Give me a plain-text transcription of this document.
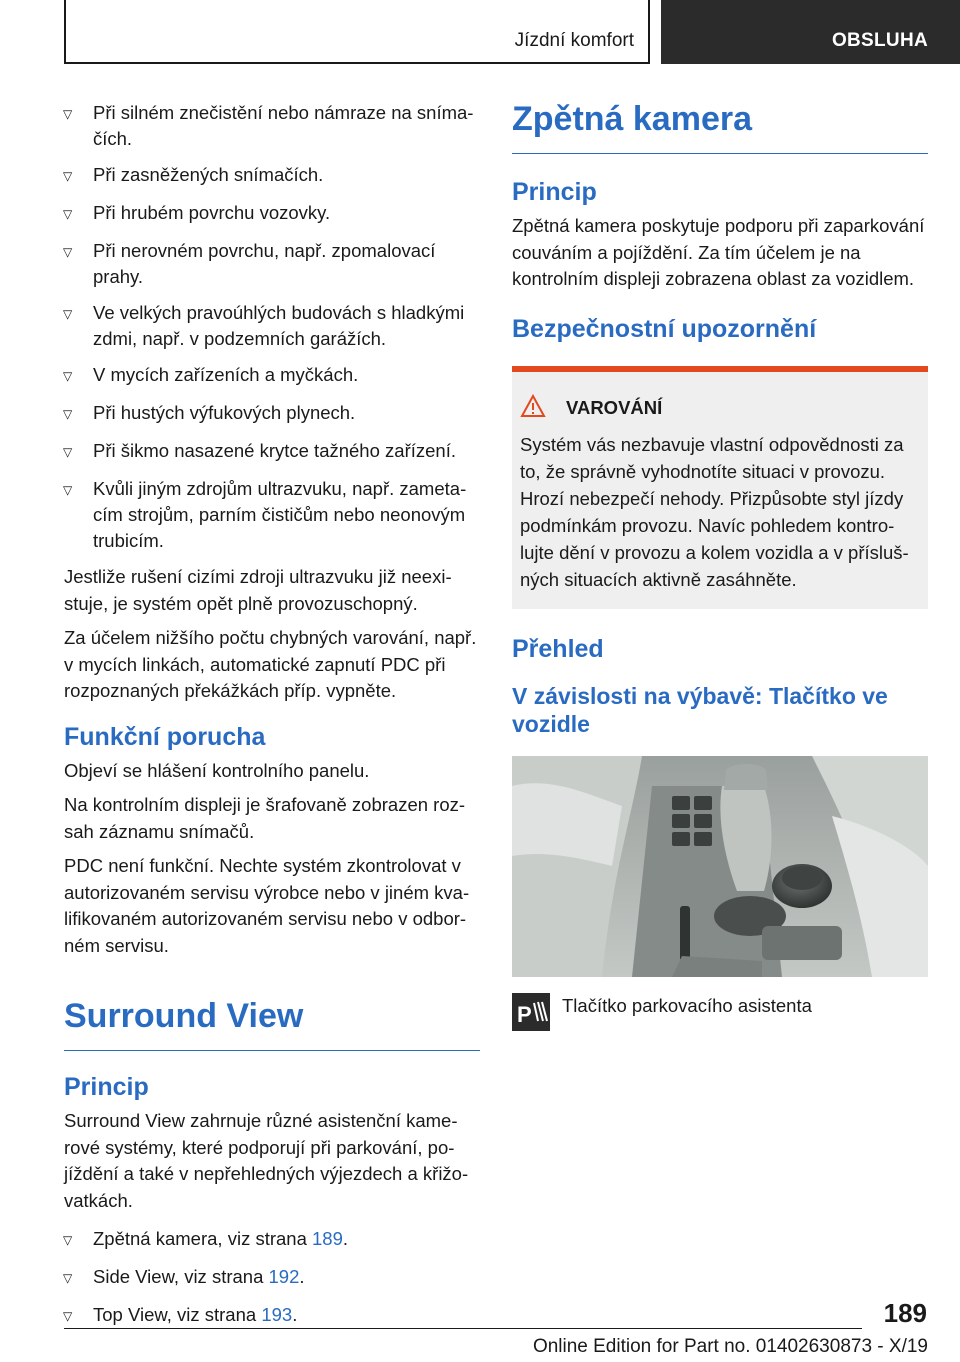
Jízdní komfort	OBSLUHA
▷
Při silném znečistění nebo námraze na snímačích.
▷
Při zasněžených snímačích.
▷
Při hrubém povrchu vozovky.
▷
Při nerovném povrchu, např. zpomalovací prahy.
▷
Ve velkých pravoúhlých budovách s hladkými zdmi, např. v podzemních garážích.
▷
V mycích zařízeních a myčkách.
▷
Při hustých výfukových plynech.
▷
Při šikmo nasazené krytce tažného zařízení.
▷
Kvůli jiným zdrojům ultrazvuku, např. zametacím strojům, parním čističům nebo neonovým trubicím.

Jestliže rušení cizími zdroji ultrazvuku již neexistuje, je systém opět plně provozuschopný.

Za účelem nižšího počtu chybných varování, např. v mycích linkách, automatické zapnutí PDC při rozpoznaných překážkách příp. vypněte.

Funkční porucha

Objeví se hlášení kontrolního panelu.

Na kontrolním displeji je šrafovaně zobrazen rozsah záznamu snímačů.

PDC není funkční. Nechte systém zkontrolovat v autorizovaném servisu výrobce nebo v jiném kvalifikovaném autorizovaném servisu nebo v odborném servisu.

Surround View
Princip

Surround View zahrnuje různé asistenční kamerové systémy, které podporují při parkování, pojíždění a také v nepřehledných výjezdech a křižovatkách.

▷
Zpětná kamera, viz strana 189.
▷
Side View, viz strana 192.
▷
Top View, viz strana 193.
Zpětná kamera
Princip

Zpětná kamera poskytuje podporu při zaparkování couváním a pojíždění. Za tím účelem je na kontrolním displeji zobrazena oblast za vozidlem.

Bezpečnostní upozornění
VAROVÁNÍ
Systém vás nezbavuje vlastní odpovědnosti za to, že správně vyhodnotíte situaci v provozu. Hrozí nebezpečí nehody. Přizpůsobte styl jízdy podmínkám provozu. Navíc pohledem kontrolujte dění v provozu a kolem vozidla a v příslušných situacích aktivně zasáhněte.
Přehled
V závislosti na výbavě: Tlačítko ve vozidle
P Tlačítko parkovacího asistenta
189
Online Edition for Part no. 01402630873 - X/19
